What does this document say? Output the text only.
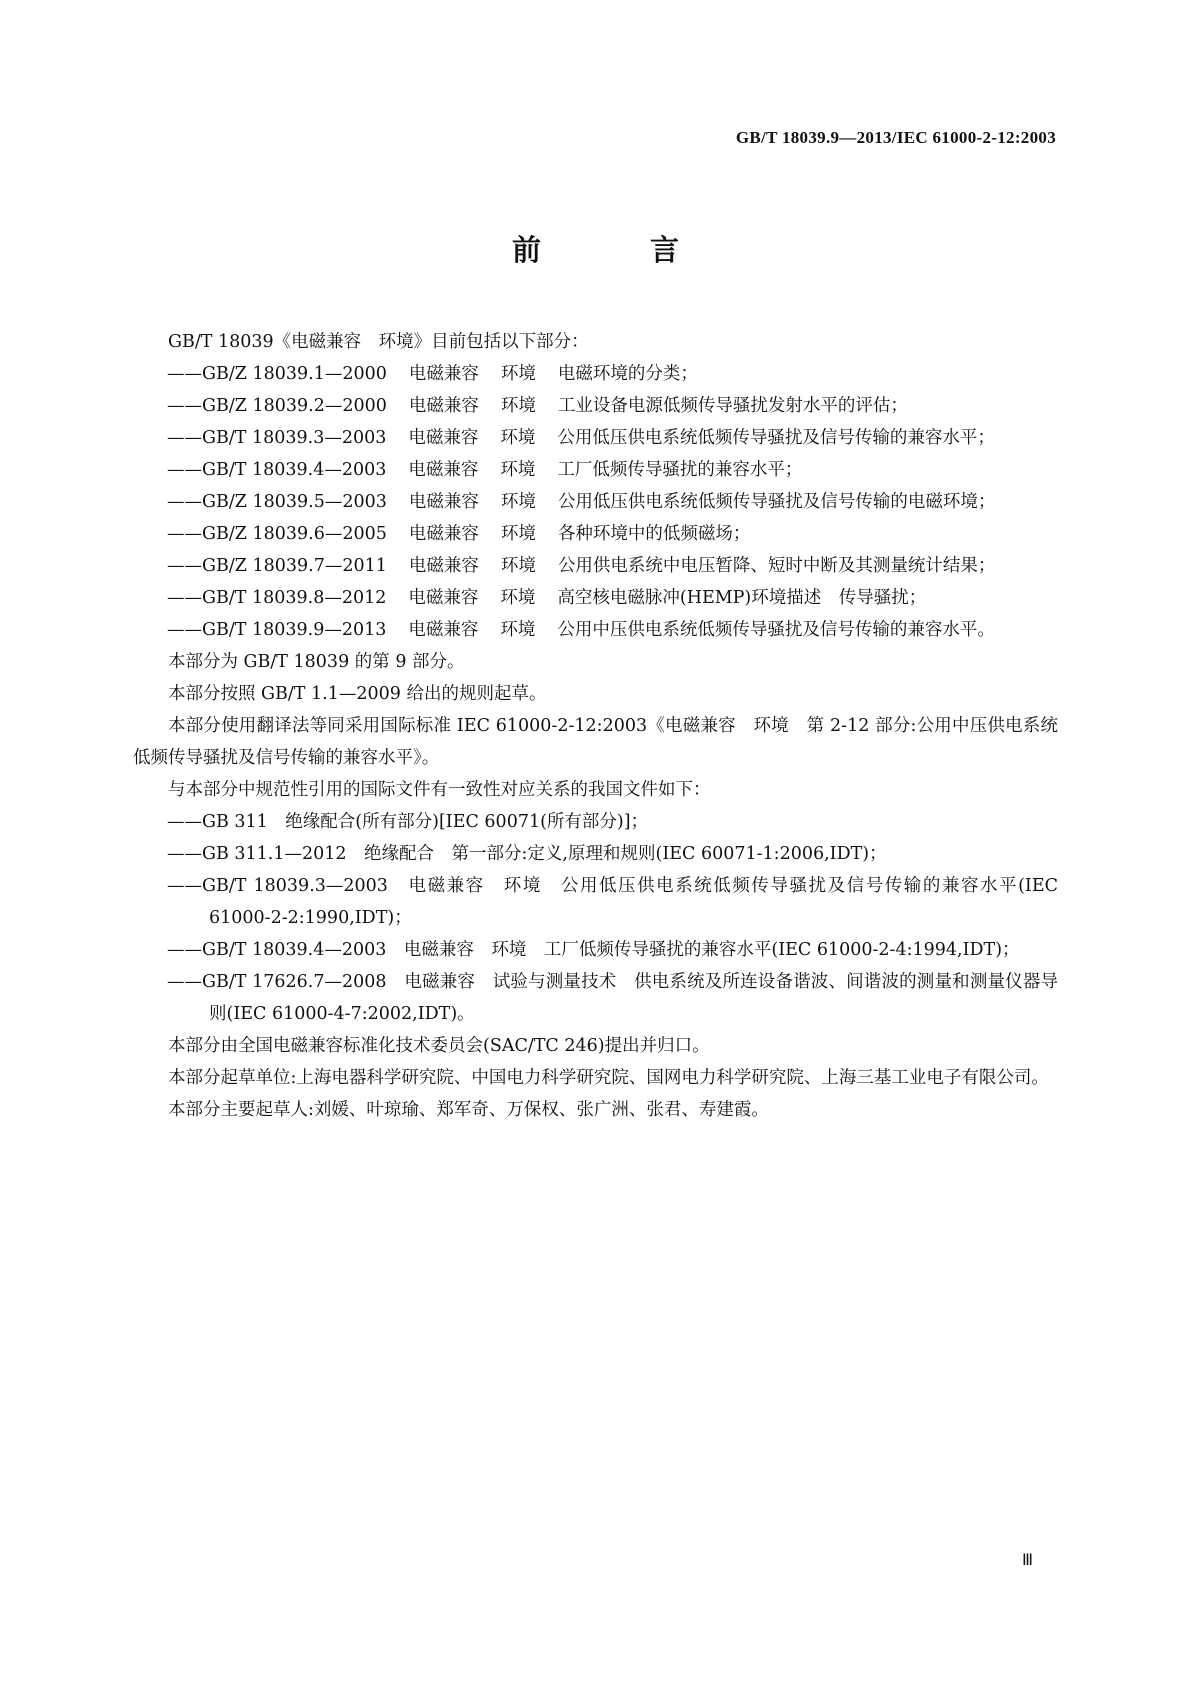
GB/T 18039.9—2013/IEC 61000-2-12:2003
前　言

GB/T 18039《电磁兼容　环境》目前包括以下部分：

——GB/Z 18039.1—2000 电磁兼容 环境 电磁环境的分类；

——GB/Z 18039.2—2000 电磁兼容 环境 工业设备电源低频传导骚扰发射水平的评估；

——GB/T 18039.3—2003 电磁兼容 环境 公用低压供电系统低频传导骚扰及信号传输的兼容水平；

——GB/T 18039.4—2003 电磁兼容 环境 工厂低频传导骚扰的兼容水平；

——GB/Z 18039.5—2003 电磁兼容 环境 公用低压供电系统低频传导骚扰及信号传输的电磁环境；

——GB/Z 18039.6—2005 电磁兼容 环境 各种环境中的低频磁场；

——GB/Z 18039.7—2011 电磁兼容 环境 公用供电系统中电压暂降、短时中断及其测量统计结果；

——GB/T 18039.8—2012 电磁兼容 环境 高空核电磁脉冲(HEMP)环境描述　传导骚扰；

——GB/T 18039.9—2013 电磁兼容 环境 公用中压供电系统低频传导骚扰及信号传输的兼容水平。

本部分为 GB/T 18039 的第 9 部分。

本部分按照 GB/T 1.1—2009 给出的规则起草。

本部分使用翻译法等同采用国际标准 IEC 61000-2-12:2003《电磁兼容　环境　第 2-12 部分:公用中压供电系统低频传导骚扰及信号传输的兼容水平》。

与本部分中规范性引用的国际文件有一致性对应关系的我国文件如下：

——GB 311　绝缘配合(所有部分)[IEC 60071(所有部分)]；

——GB 311.1—2012　绝缘配合　第一部分:定义,原理和规则(IEC 60071-1:2006,IDT)；

——GB/T 18039.3—2003　电磁兼容　环境　公用低压供电系统低频传导骚扰及信号传输的兼容水平(IEC 61000-2-2:1990,IDT)；

——GB/T 18039.4—2003　电磁兼容　环境　工厂低频传导骚扰的兼容水平(IEC 61000-2-4:1994,IDT)；

——GB/T 17626.7—2008　电磁兼容　试验与测量技术　供电系统及所连设备谐波、间谐波的测量和测量仪器导则(IEC 61000-4-7:2002,IDT)。

本部分由全国电磁兼容标准化技术委员会(SAC/TC 246)提出并归口。

本部分起草单位:上海电器科学研究院、中国电力科学研究院、国网电力科学研究院、上海三基工业电子有限公司。

本部分主要起草人:刘媛、叶琼瑜、郑军奇、万保权、张广洲、张君、寿建霞。

Ⅲ
